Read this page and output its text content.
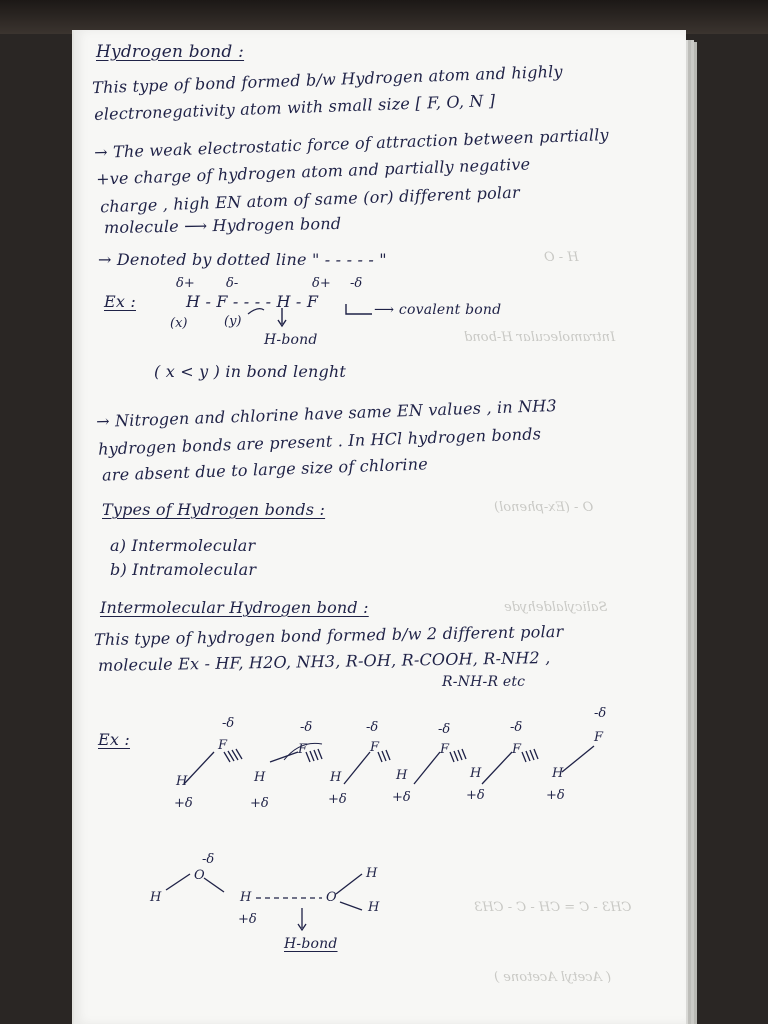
H - O
Intramolecular H-bond
O - (Ex-phenol)
Salicylaldehyde
CH3 - C = CH - C - CH3
( Acetyl Acetone )
Hydrogen bond :
This type of bond formed b/w Hydrogen atom and highly
electronegativity atom with small size [ F, O, N ]
→ The weak electrostatic force of attraction between partially
+ve charge of hydrogen atom and partially negative
charge , high EN atom of same (or) different polar
molecule ⟶ Hydrogen bond
→ Denoted by dotted line " - - - - - "
Ex :
δ+ δ-	δ+ -δ
H - F - - - - H - F
(x)	(y)
⟶ covalent bond
H-bond
( x < y ) in bond lenght
→ Nitrogen and chlorine have same EN values , in NH3
hydrogen bonds are present . In HCl hydrogen bonds
are absent due to large size of chlorine
Types of Hydrogen bonds :
a) Intermolecular
b) Intramolecular
Intermolecular Hydrogen bond :
This type of hydrogen bond formed b/w 2 different polar
molecule Ex - HF, H2O, NH3, R-OH, R-COOH, R-NH2 ,
R-NH-R etc
Ex :
-δ	-δ	-δ	-δ	-δ
-δ
F	F	F	F	F
F
H	H	H	H	H	H
+δ	+δ	+δ	+δ	+δ	+δ
-δ
O
H	H
+δ
O
H
H
H-bond
